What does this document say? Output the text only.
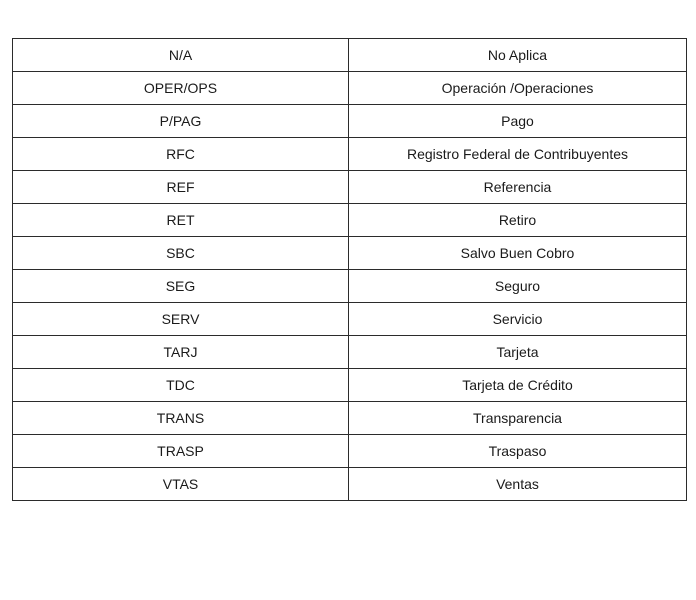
N/A	No Aplica
OPER/OPS	Operación /Operaciones
P/PAG	Pago
RFC	Registro Federal de Contribuyentes
REF	Referencia
RET	Retiro
SBC	Salvo Buen Cobro
SEG	Seguro
SERV	Servicio
TARJ	Tarjeta
TDC	Tarjeta de Crédito
TRANS	Transparencia
TRASP	Traspaso
VTAS	Ventas
